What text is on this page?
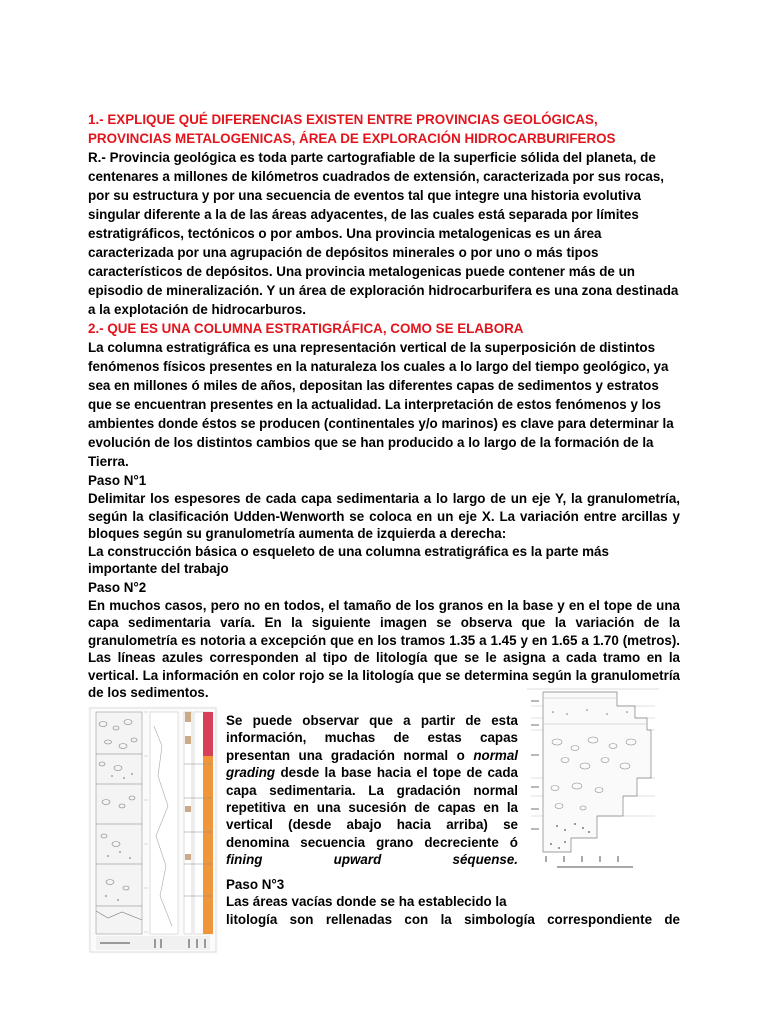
1.- EXPLIQUE QUÉ DIFERENCIAS EXISTEN ENTRE PROVINCIAS GEOLÓGICAS,

PROVINCIAS METALOGENICAS, ÁREA DE EXPLORACIÓN HIDROCARBURIFEROS

R.- Provincia geológica es toda parte cartografiable de la superficie sólida del planeta, de centenares a millones de kilómetros cuadrados de extensión, caracterizada por sus rocas, por su estructura y por una secuencia de eventos tal que integre una historia evolutiva singular diferente a la de las áreas adyacentes, de las cuales está separada por límites estratigráficos, tectónicos o por ambos. Una provincia metalogenicas es un área caracterizada por una agrupación de depósitos minerales o por uno o más tipos característicos de depósitos. Una provincia metalogenicas puede contener más de un episodio de mineralización. Y un área de exploración hidrocarburifera es una zona destinada a la explotación de hidrocarburos.

2.- QUE ES UNA COLUMNA ESTRATIGRÁFICA, COMO SE ELABORA

La columna estratigráfica es una representación vertical de la superposición de distintos fenómenos físicos presentes en la naturaleza los cuales a lo largo del tiempo geológico, ya sea en millones ó miles de años, depositan las diferentes capas de sedimentos y estratos que se encuentran presentes en la actualidad. La interpretación de estos fenómenos y los ambientes donde éstos se producen (continentales y/o marinos) es clave para determinar la evolución de los distintos cambios que se han producido a lo largo de la formación de la Tierra.

Paso N°1

Delimitar los espesores de cada capa sedimentaria a lo largo de un eje Y, la granulometría, según la clasificación Udden-Wenworth se coloca en un eje X. La variación entre arcillas y bloques según su granulometría aumenta de izquierda a derecha:

La construcción básica o esqueleto de una columna estratigráfica es la parte más importante del trabajo

Paso N°2

En muchos casos, pero no en todos, el tamaño de los granos en la base y en el tope de una capa sedimentaria varía. En la siguiente imagen se observa que la variación de la granulometría es notoria a excepción que en los tramos 1.35 a 1.45 y en 1.65 a 1.70 (metros). Las líneas azules corresponden al tipo de litología que se le asigna a cada tramo en la vertical. La información en color rojo se la litología que se determina según la granulometría de los sedimentos.

Se puede observar que a partir de esta información, muchas de estas capas presentan una gradación normal o normal grading desde la base hacia el tope de cada capa sedimentaria. La gradación normal repetitiva en una sucesión de capas en la vertical (desde abajo hacia arriba) se denomina secuencia grano decreciente ó fining upward séquense.
Paso N°3
Las áreas vacías donde se ha establecido la
litología son rellenadas con la simbología correspondiente de
